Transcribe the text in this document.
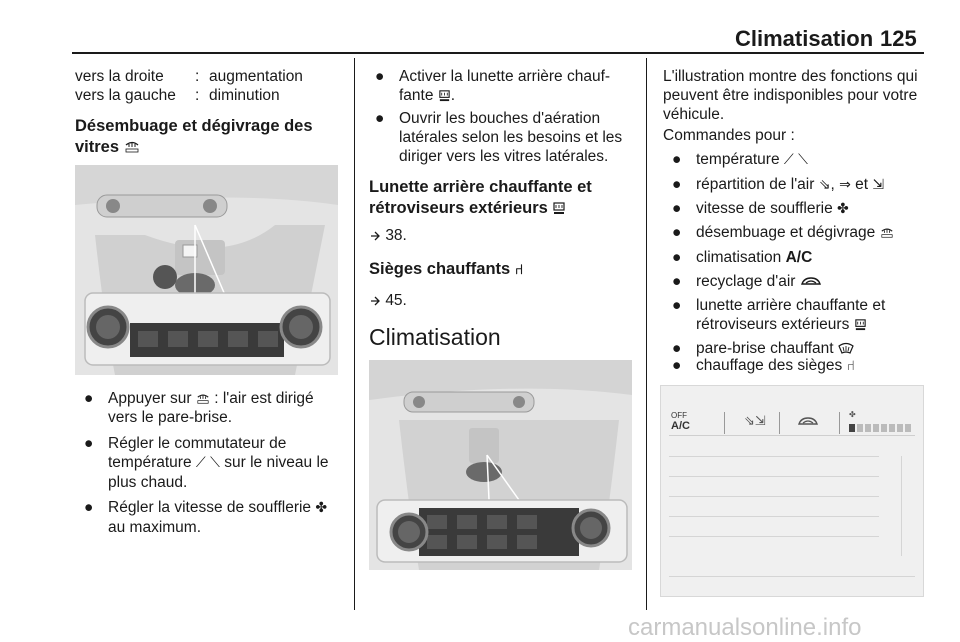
Climatisation 125
vers la droite : augmentation
vers la gauche : diminution
Désembuage et dégivrage des
vitres
● Appuyer sur : l'air est dirigé
vers le pare-brise.
● Régler le commutateur de
température ⟋ ⟍ sur le niveau le
plus chaud.
● Régler la vitesse de soufflerie ✤
au maximum.
● Activer la lunette arrière chauf-
fante .
● Ouvrir les bouches d'aération
latérales selon les besoins et les
diriger vers les vitres latérales.
Lunette arrière chauffante et
rétroviseurs extérieurs
38.
Sièges chauffants ⑁
45.
Climatisation
L'illustration montre des fonctions qui
peuvent être indisponibles pour votre
véhicule.
Commandes pour :
● température ⟋ ⟍
● répartition de l'air ⇘, ⇒ et ⇲
● vitesse de soufflerie ✤
● désembuage et dégivrage
● climatisation A/C
● recyclage d'air
● lunette arrière chauffante et
rétroviseurs extérieurs
● pare-brise chauffant
● chauffage des sièges ⑁
OFF
A/C	⇘⇲	✤
carmanualsonline.info
